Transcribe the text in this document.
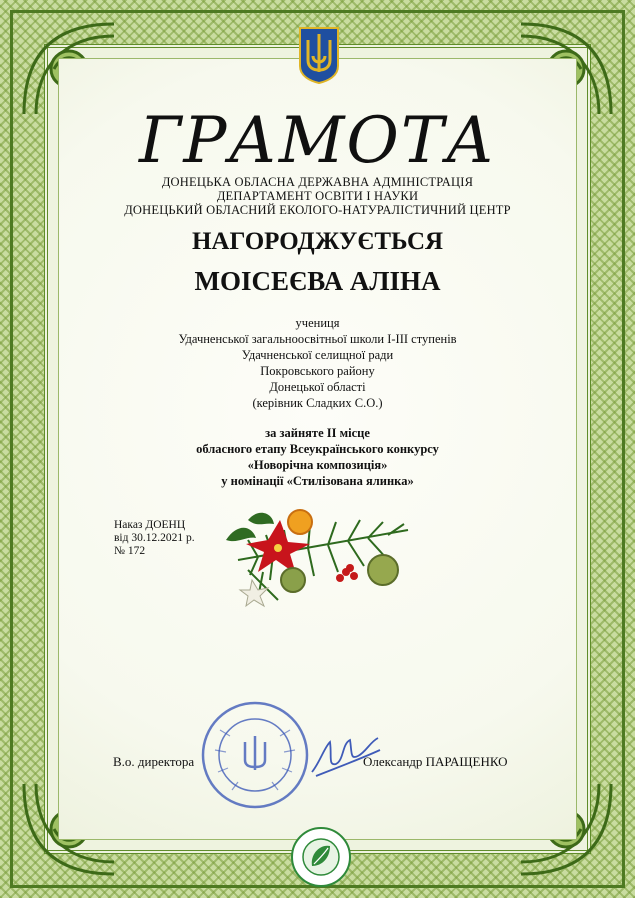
ГРАМОТА
ДОНЕЦЬКА ОБЛАСНА ДЕРЖАВНА АДМІНІСТРАЦІЯ
ДЕПАРТАМЕНТ ОСВІТИ І НАУКИ
ДОНЕЦЬКИЙ ОБЛАСНИЙ ЕКОЛОГО-НАТУРАЛІСТИЧНИЙ ЦЕНТР
НАГОРОДЖУЄТЬСЯ
МОІСЕЄВА АЛІНА
учениця
Удачненської загальноосвітньої школи І-ІІІ ступенів
Удачненської селищної ради
Покровського району
Донецької області
(керівник Сладких С.О.)
за зайняте ІІ місце
обласного етапу Всеукраїнського конкурсу
«Новорічна композиція»
у номінації «Стилізована ялинка»
Наказ ДОЕНЦ
від 30.12.2021 р.
№ 172
В.о. директора	Олександр ПАРАЩЕНКО
